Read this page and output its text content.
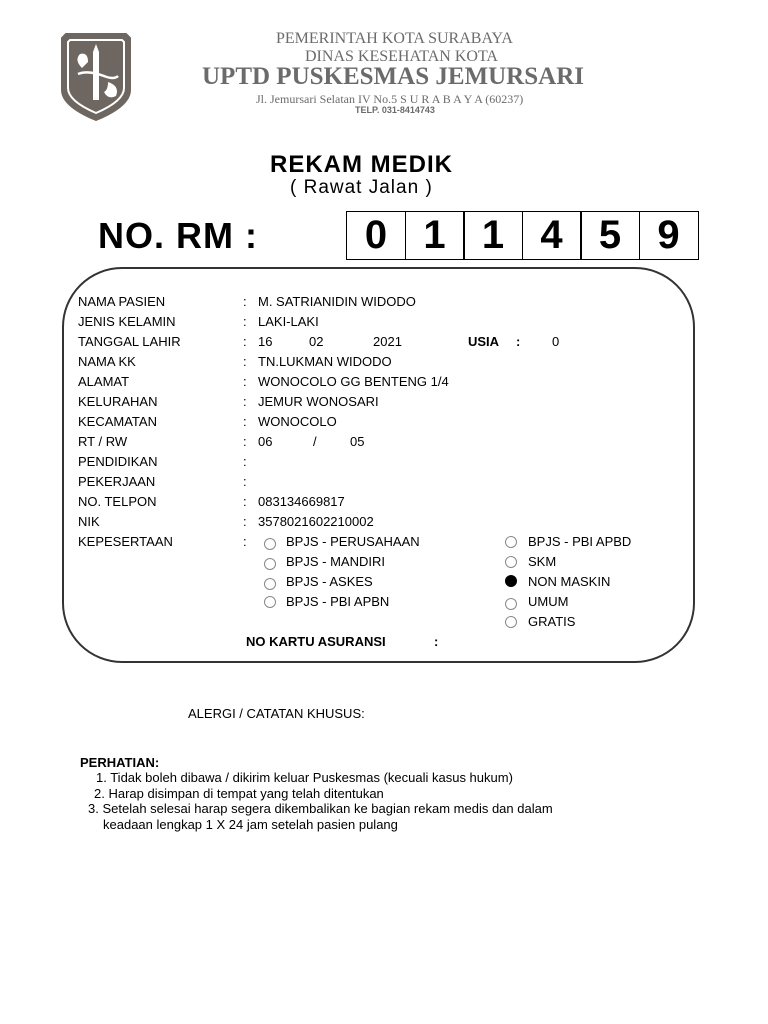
PEMERINTAH KOTA SURABAYA
DINAS KESEHATAN KOTA
UPTD PUSKESMAS JEMURSARI
Jl. Jemursari Selatan IV No.5 S U R A B A Y A (60237)
TELP. 031-8414743
REKAM MEDIK
( Rawat Jalan )
NO. RM :	0 1 1 4 5 9
NAMA PASIEN	: M. SATRIANIDIN WIDODO
JENIS KELAMIN	: LAKI-LAKI
TANGGAL LAHIR	: 16	02	2021	USIA : 0
NAMA KK	: TN.LUKMAN WIDODO
ALAMAT	: WONOCOLO GG BENTENG 1/4
KELURAHAN	: JEMUR WONOSARI
KECAMATAN	: WONOCOLO
RT / RW	: 06	/	05
PENDIDIKAN	:
PEKERJAAN	:
NO. TELPON	: 083134669817
NIK	: 3578021602210002
KEPESERTAAN	:	BPJS - PERUSAHAAN
BPJS - MANDIRI
BPJS - ASKES
BPJS - PBI APBN
BPJS - PBI APBD
SKM
NON MASKIN
UMUM
GRATIS
NO KARTU ASURANSI	:
ALERGI / CATATAN KHUSUS:
PERHATIAN:
1. Tidak boleh dibawa / dikirim keluar Puskesmas (kecuali kasus hukum)
2. Harap disimpan di tempat yang telah ditentukan
3. Setelah selesai harap segera dikembalikan ke bagian rekam medis dan dalam
keadaan lengkap 1 X 24 jam setelah pasien pulang
